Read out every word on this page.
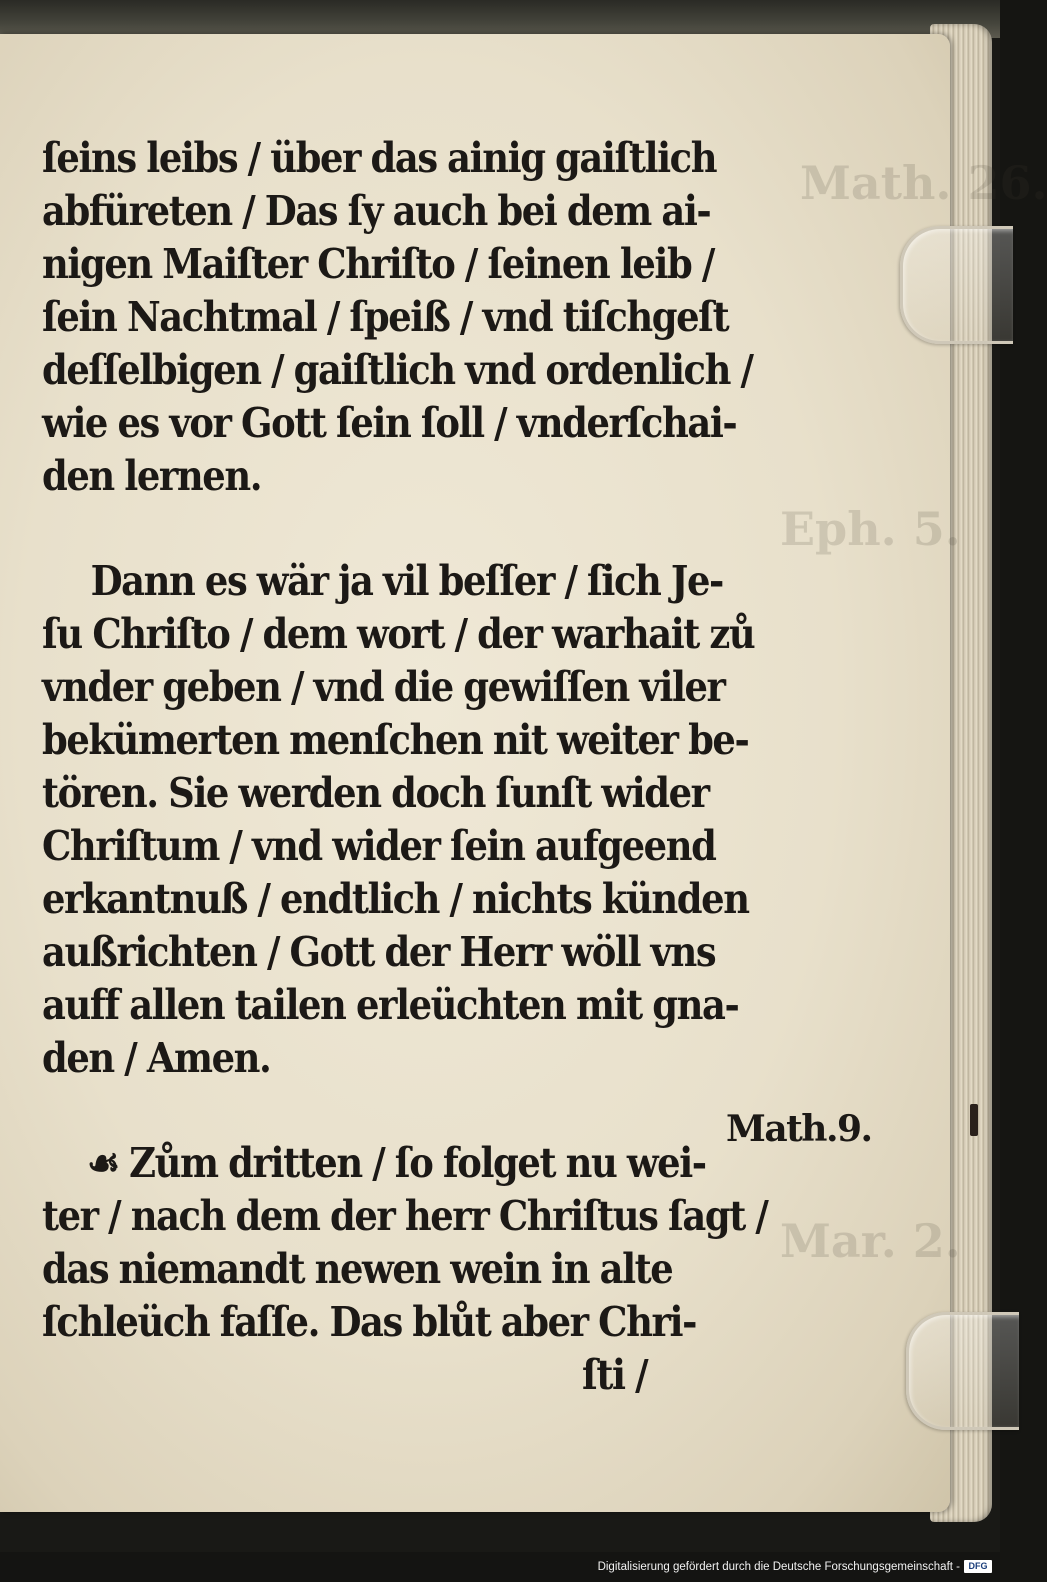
Math. 26.
Eph. 5.
Mar. 2.
ſeins leibs / über das ainig gaiſtlich
abfüreten / Das ſy auch bei dem ai-
nigen Maiſter Chriſto / ſeinen leib /
ſein Nachtmal / ſpeiß / vnd tiſchgeſt
deſſelbigen / gaiſtlich vnd ordenlich /
wie es vor Gott ſein ſoll / vnderſchai-
den lernen.
Dann es wär ja vil beſſer / ſich Je-
ſu Chriſto / dem wort / der warhait zů
vnder geben / vnd die gewiſſen viler
bekümerten menſchen nit weiter be-
tören. Sie werden doch ſunſt wider
Chriſtum / vnd wider ſein aufgeend
erkantnuß / endtlich / nichts künden
außrichten / Gott der Herr wöll vns
auff allen tailen erleüchten mit gna-
den / Amen.
☙ Zům dritten / ſo folget nu wei-
ter / nach dem der herr Chriſtus ſagt /
das niemandt newen wein in alte
ſchleüch faſſe. Das blůt aber Chri-
ſti /
Math.9.
Digitalisierung gefördert durch die Deutsche Forschungsgemeinschaft - DFG
